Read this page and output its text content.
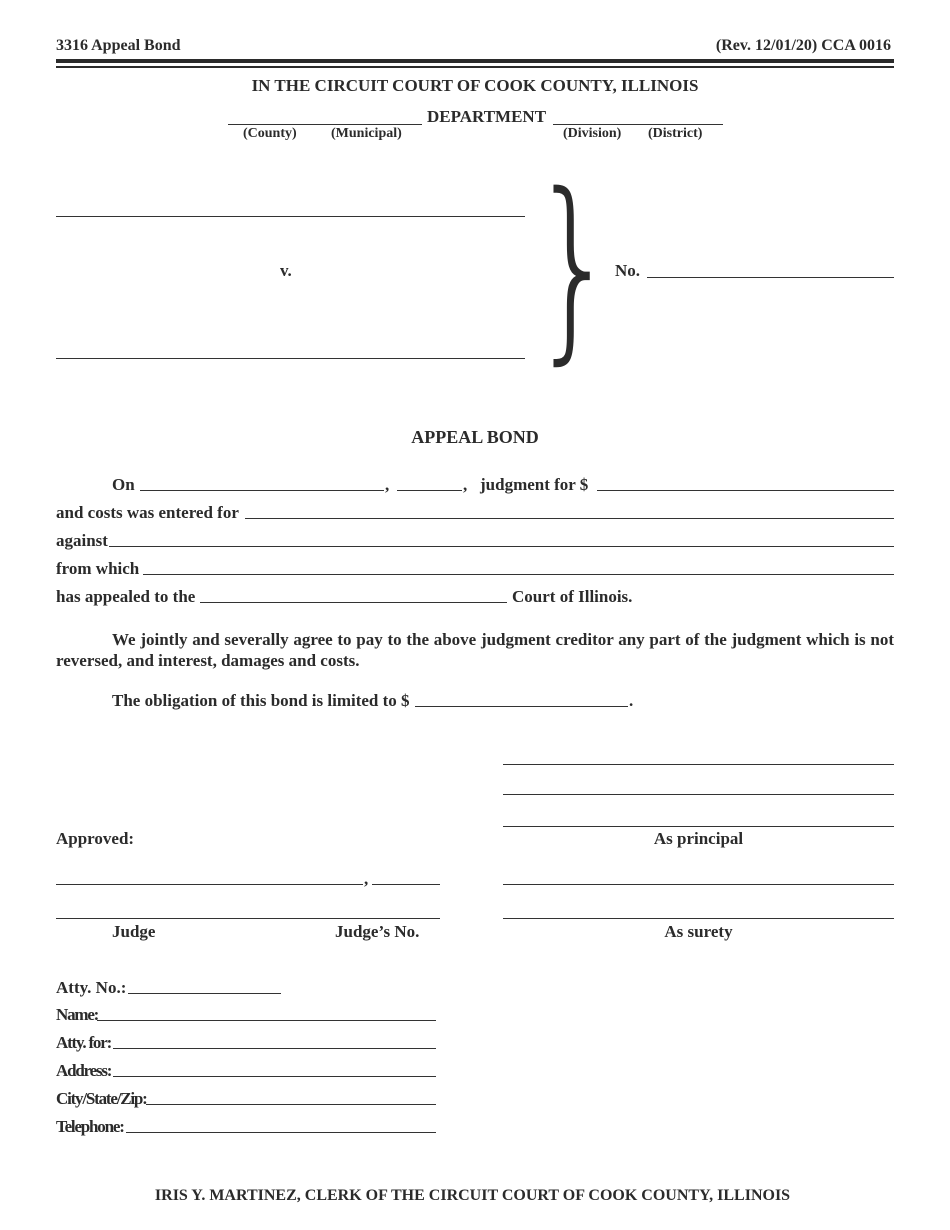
3316 Appeal Bond	(Rev. 12/01/20) CCA 0016
IN THE CIRCUIT COURT OF COOK COUNTY, ILLINOIS
DEPARTMENT
(County) (Municipal)	(Division) (District)
v. }
No.
APPEAL BOND
On	,	, judgment for $
and costs was entered for
against
from which
has appealed to the	Court of Illinois.
We jointly and severally agree to pay to the above judgment creditor any part of the judgment which is not reversed, and interest, damages and costs.
The obligation of this bond is limited to $	.
As principal
Approved:
,
Judge	Judge’s No.	As surety
Atty. No.:
Name:
Atty. for:
Address:
City/State/Zip:
Telephone:
IRIS Y. MARTINEZ, CLERK OF THE CIRCUIT COURT OF COOK COUNTY, ILLINOIS
